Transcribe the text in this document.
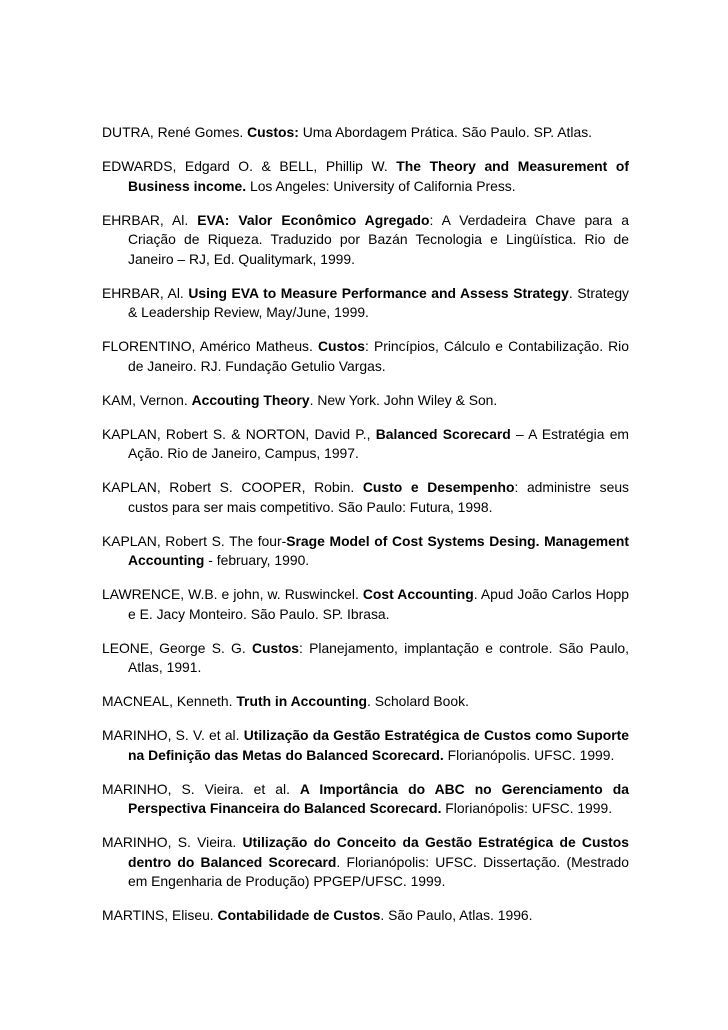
DUTRA, René Gomes. Custos: Uma Abordagem Prática. São Paulo. SP. Atlas.

EDWARDS, Edgard O. & BELL, Phillip W. The Theory and Measurement of Business income. Los Angeles: University of California Press.

EHRBAR, Al. EVA: Valor Econômico Agregado: A Verdadeira Chave para a Criação de Riqueza. Traduzido por Bazán Tecnologia e Lingüística. Rio de Janeiro – RJ, Ed. Qualitymark, 1999.

EHRBAR, Al. Using EVA to Measure Performance and Assess Strategy. Strategy & Leadership Review, May/June, 1999.

FLORENTINO, Américo Matheus. Custos: Princípios, Cálculo e Contabilização. Rio de Janeiro. RJ. Fundação Getulio Vargas.

KAM, Vernon. Accouting Theory. New York. John Wiley & Son.

KAPLAN, Robert S. & NORTON, David P., Balanced Scorecard – A Estratégia em Ação. Rio de Janeiro, Campus, 1997.

KAPLAN, Robert S. COOPER, Robin. Custo e Desempenho: administre seus custos para ser mais competitivo. São Paulo: Futura, 1998.

KAPLAN, Robert S. The four-Srage Model of Cost Systems Desing. Management Accounting - february, 1990.

LAWRENCE, W.B. e john, w. Ruswinckel. Cost Accounting. Apud João Carlos Hopp e E. Jacy Monteiro. São Paulo. SP. Ibrasa.

LEONE, George S. G. Custos: Planejamento, implantação e controle. São Paulo, Atlas, 1991.

MACNEAL, Kenneth. Truth in Accounting. Scholard Book.

MARINHO, S. V. et al. Utilização da Gestão Estratégica de Custos como Suporte na Definição das Metas do Balanced Scorecard. Florianópolis. UFSC. 1999.

MARINHO, S. Vieira. et al. A Importância do ABC no Gerenciamento da Perspectiva Financeira do Balanced Scorecard. Florianópolis: UFSC. 1999.

MARINHO, S. Vieira. Utilização do Conceito da Gestão Estratégica de Custos dentro do Balanced Scorecard. Florianópolis: UFSC. Dissertação. (Mestrado em Engenharia de Produção) PPGEP/UFSC. 1999.

MARTINS, Eliseu. Contabilidade de Custos. São Paulo, Atlas. 1996.
